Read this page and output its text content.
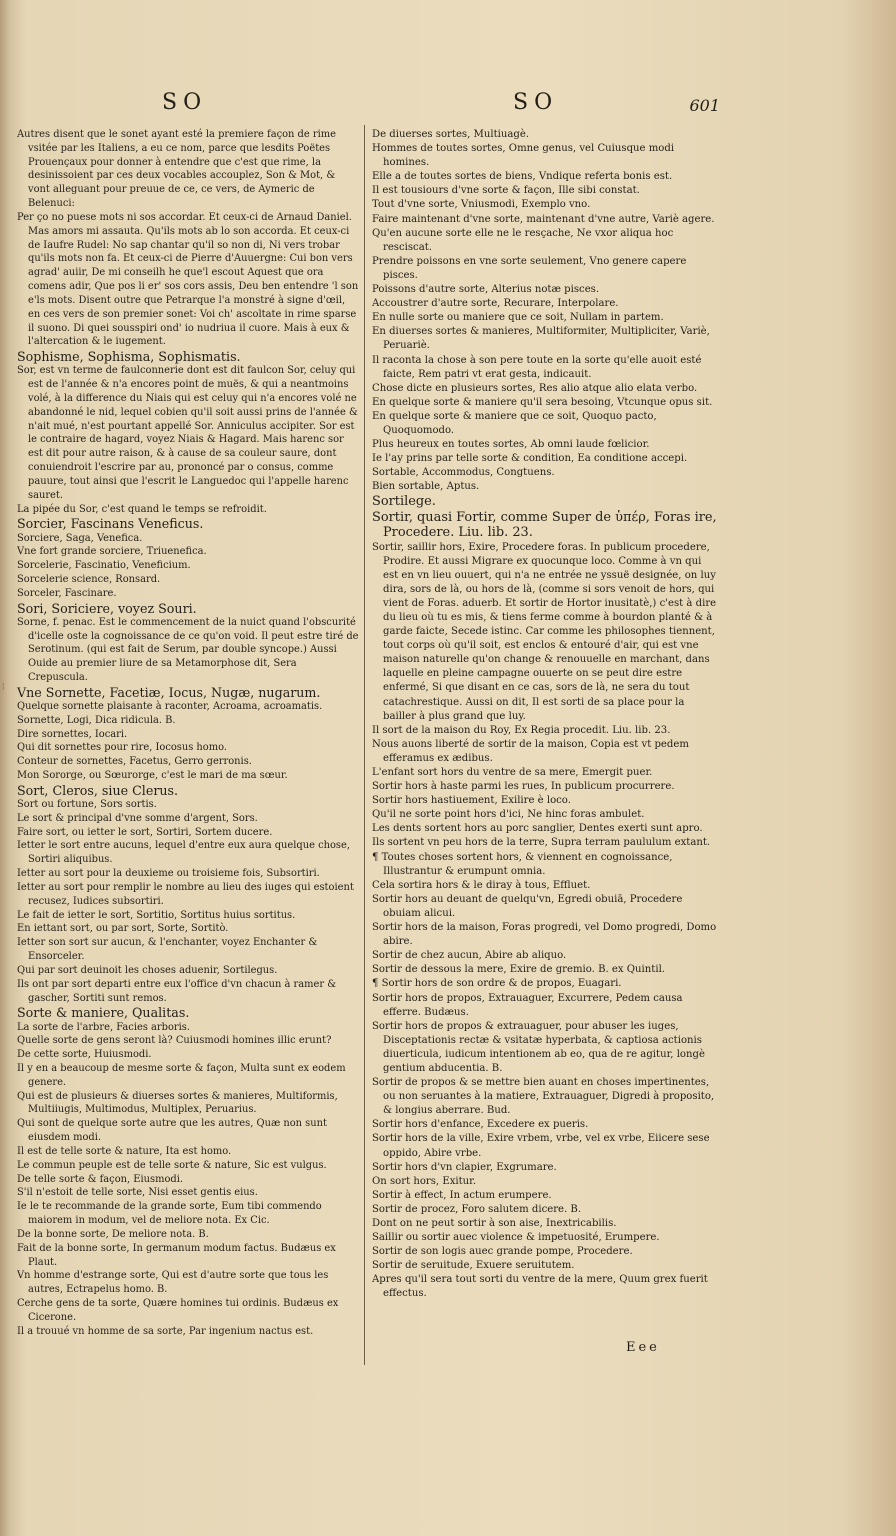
SO	SO	601
¦

Autres disent que le sonet ayant esté la premiere façon de rime vsitée par les Italiens, a eu ce nom, parce que lesdits Poëtes Prouençaux pour donner à entendre que c'est que rime, la desinissoient par ces deux vocables accouplez, Son & Mot, & vont alleguant pour preuue de ce, ce vers, de Aymeric de Belenuci:

Per ço no puese mots ni sos accordar. Et ceux-ci de Arnaud Daniel. Mas amors mi assauta. Qu'ils mots ab lo son accorda. Et ceux-ci de Iaufre Rudel: No sap chantar qu'il so non di, Ni vers trobar qu'ils mots non fa. Et ceux-ci de Pierre d'Auuergne: Cui bon vers agrad' auiir, De mi conseilh he que'l escout Aquest que ora comens adir, Que pos li er' sos cors assis, Deu ben entendre 'l son e'ls mots. Disent outre que Petrarque l'a monstré à signe d'œil, en ces vers de son premier sonet: Voi ch' ascoltate in rime sparse il suono. Di quei sousspiri ond' io nudriua il cuore. Mais à eux & l'altercation & le iugement.

Sophisme, Sophisma, Sophismatis.

Sor, est vn terme de faulconnerie dont est dit faulcon Sor, celuy qui est de l'année & n'a encores point de muës, & qui a neantmoins volé, à la difference du Niais qui est celuy qui n'a encores volé ne abandonné le nid, lequel cobien qu'il soit aussi prins de l'année & n'ait mué, n'est pourtant appellé Sor. Anniculus accipiter. Sor est le contraire de hagard, voyez Niais & Hagard. Mais harenc sor est dit pour autre raison, & à cause de sa couleur saure, dont conuiendroit l'escrire par au, prononcé par o consus, comme pauure, tout ainsi que l'escrit le Languedoc qui l'appelle harenc sauret.

La pipée du Sor, c'est quand le temps se refroidit.

Sorcier, Fascinans Veneficus.

Sorciere, Saga, Venefica.

Vne fort grande sorciere, Triuenefica.

Sorcelerie, Fascinatio, Veneficium.

Sorcelerie science, Ronsard.

Sorceler, Fascinare.

Sori, Soriciere, voyez Souri.

Sorne, f. penac. Est le commencement de la nuict quand l'obscurité d'icelle oste la cognoissance de ce qu'on void. Il peut estre tiré de Serotinum. (qui est fait de Serum, par double syncope.) Aussi Ouide au premier liure de sa Metamorphose dit, Sera Crepuscula.

Vne Sornette, Facetiæ, Iocus, Nugæ, nugarum.

Quelque sornette plaisante à raconter, Acroama, acroamatis.

Sornette, Logi, Dica ridicula. B.

Dire sornettes, Iocari.

Qui dit sornettes pour rire, Iocosus homo.

Conteur de sornettes, Facetus, Gerro gerronis.

Mon Sororge, ou Sœurorge, c'est le mari de ma sœur.

Sort, Cleros, siue Clerus.

Sort ou fortune, Sors sortis.

Le sort & principal d'vne somme d'argent, Sors.

Faire sort, ou ietter le sort, Sortiri, Sortem ducere.

Ietter le sort entre aucuns, lequel d'entre eux aura quelque chose, Sortiri aliquibus.

Ietter au sort pour la deuxieme ou troisieme fois, Subsortiri.

Ietter au sort pour remplir le nombre au lieu des iuges qui estoient recusez, Iudices subsortiri.

Le fait de ietter le sort, Sortitio, Sortitus huius sortitus.

En iettant sort, ou par sort, Sorte, Sortitò.

Ietter son sort sur aucun, & l'enchanter, voyez Enchanter & Ensorceler.

Qui par sort deuinoit les choses aduenir, Sortilegus.

Ils ont par sort departi entre eux l'office d'vn chacun à ramer & gascher, Sortiti sunt remos.

Sorte & maniere, Qualitas.

La sorte de l'arbre, Facies arboris.

Quelle sorte de gens seront là? Cuiusmodi homines illic erunt?

De cette sorte, Huiusmodi.

Il y en a beaucoup de mesme sorte & façon, Multa sunt ex eodem genere.

Qui est de plusieurs & diuerses sortes & manieres, Multiformis, Multiiugis, Multimodus, Multiplex, Peruarius.

Qui sont de quelque sorte autre que les autres, Quæ non sunt eiusdem modi.

Il est de telle sorte & nature, Ita est homo.

Le commun peuple est de telle sorte & nature, Sic est vulgus.

De telle sorte & façon, Eiusmodi.

S'il n'estoit de telle sorte, Nisi esset gentis eius.

Ie le te recommande de la grande sorte, Eum tibi commendo maiorem in modum, vel de meliore nota. Ex Cic.

De la bonne sorte, De meliore nota. B.

Fait de la bonne sorte, In germanum modum factus. Budæus ex Plaut.

Vn homme d'estrange sorte, Qui est d'autre sorte que tous les autres, Ectrapelus homo. B.

Cerche gens de ta sorte, Quære homines tui ordinis. Budæus ex Cicerone.

Il a trouué vn homme de sa sorte, Par ingenium nactus est.

De diuerses sortes, Multiuagè.

Hommes de toutes sortes, Omne genus, vel Cuiusque modi homines.

Elle a de toutes sortes de biens, Vndique referta bonis est.

Il est tousiours d'vne sorte & façon, Ille sibi constat.

Tout d'vne sorte, Vniusmodi, Exemplo vno.

Faire maintenant d'vne sorte, maintenant d'vne autre, Variè agere.

Qu'en aucune sorte elle ne le resçache, Ne vxor aliqua hoc resciscat.

Prendre poissons en vne sorte seulement, Vno genere capere pisces.

Poissons d'autre sorte, Alterius notæ pisces.

Accoustrer d'autre sorte, Recurare, Interpolare.

En nulle sorte ou maniere que ce soit, Nullam in partem.

En diuerses sortes & manieres, Multiformiter, Multipliciter, Variè, Peruariè.

Il raconta la chose à son pere toute en la sorte qu'elle auoit esté faicte, Rem patri vt erat gesta, indicauit.

Chose dicte en plusieurs sortes, Res alio atque alio elata verbo.

En quelque sorte & maniere qu'il sera besoing, Vtcunque opus sit.

En quelque sorte & maniere que ce soit, Quoquo pacto, Quoquomodo.

Plus heureux en toutes sortes, Ab omni laude fœlicior.

Ie l'ay prins par telle sorte & condition, Ea conditione accepi.

Sortable, Accommodus, Congtuens.

Bien sortable, Aptus.

Sortilege.

Sortir, quasi Fortir, comme Super de ὑπέρ, Foras ire, Procedere. Liu. lib. 23.

Sortir, saillir hors, Exire, Procedere foras. In publicum procedere, Prodire. Et aussi Migrare ex quocunque loco. Comme à vn qui est en vn lieu ouuert, qui n'a ne entrée ne yssuë designée, on luy dira, sors de là, ou hors de là, (comme si sors venoit de hors, qui vient de Foras. aduerb. Et sortir de Hortor inusitatè,) c'est à dire du lieu où tu es mis, & tiens ferme comme à bourdon planté & à garde faicte, Secede istinc. Car comme les philosophes tiennent, tout corps où qu'il soit, est enclos & entouré d'air, qui est vne maison naturelle qu'on change & renouuelle en marchant, dans laquelle en pleine campagne ouuerte on se peut dire estre enfermé, Si que disant en ce cas, sors de là, ne sera du tout catachrestique. Aussi on dit, Il est sorti de sa place pour la bailler à plus grand que luy.

Il sort de la maison du Roy, Ex Regia procedit. Liu. lib. 23.

Nous auons liberté de sortir de la maison, Copia est vt pedem efferamus ex ædibus.

L'enfant sort hors du ventre de sa mere, Emergit puer.

Sortir hors à haste parmi les rues, In publicum procurrere.

Sortir hors hastiuement, Exilire è loco.

Qu'il ne sorte point hors d'ici, Ne hinc foras ambulet.

Les dents sortent hors au porc sanglier, Dentes exerti sunt apro.

Ils sortent vn peu hors de la terre, Supra terram paululum extant.

¶ Toutes choses sortent hors, & viennent en cognoissance, Illustrantur & erumpunt omnia.

Cela sortira hors & le diray à tous, Effluet.

Sortir hors au deuant de quelqu'vn, Egredi obuiā, Procedere obuiam alicui.

Sortir hors de la maison, Foras progredi, vel Domo progredi, Domo abire.

Sortir de chez aucun, Abire ab aliquo.

Sortir de dessous la mere, Exire de gremio. B. ex Quintil.

¶ Sortir hors de son ordre & de propos, Euagari.

Sortir hors de propos, Extrauaguer, Excurrere, Pedem causa efferre. Budæus.

Sortir hors de propos & extrauaguer, pour abuser les iuges, Disceptationis rectæ & vsitatæ hyperbata, & captiosa actionis diuerticula, iudicum intentionem ab eo, qua de re agitur, longè gentium abducentia. B.

Sortir de propos & se mettre bien auant en choses impertinentes, ou non seruantes à la matiere, Extrauaguer, Digredi à proposito, & longius aberrare. Bud.

Sortir hors d'enfance, Excedere ex pueris.

Sortir hors de la ville, Exire vrbem, vrbe, vel ex vrbe, Eiicere sese oppido, Abire vrbe.

Sortir hors d'vn clapier, Exgrumare.

On sort hors, Exitur.

Sortir à effect, In actum erumpere.

Sortir de procez, Foro salutem dicere. B.

Dont on ne peut sortir à son aise, Inextricabilis.

Saillir ou sortir auec violence & impetuosité, Erumpere.

Sortir de son logis auec grande pompe, Procedere.

Sortir de seruitude, Exuere seruitutem.

Apres qu'il sera tout sorti du ventre de la mere, Quum grex fuerit effectus.

Eee
